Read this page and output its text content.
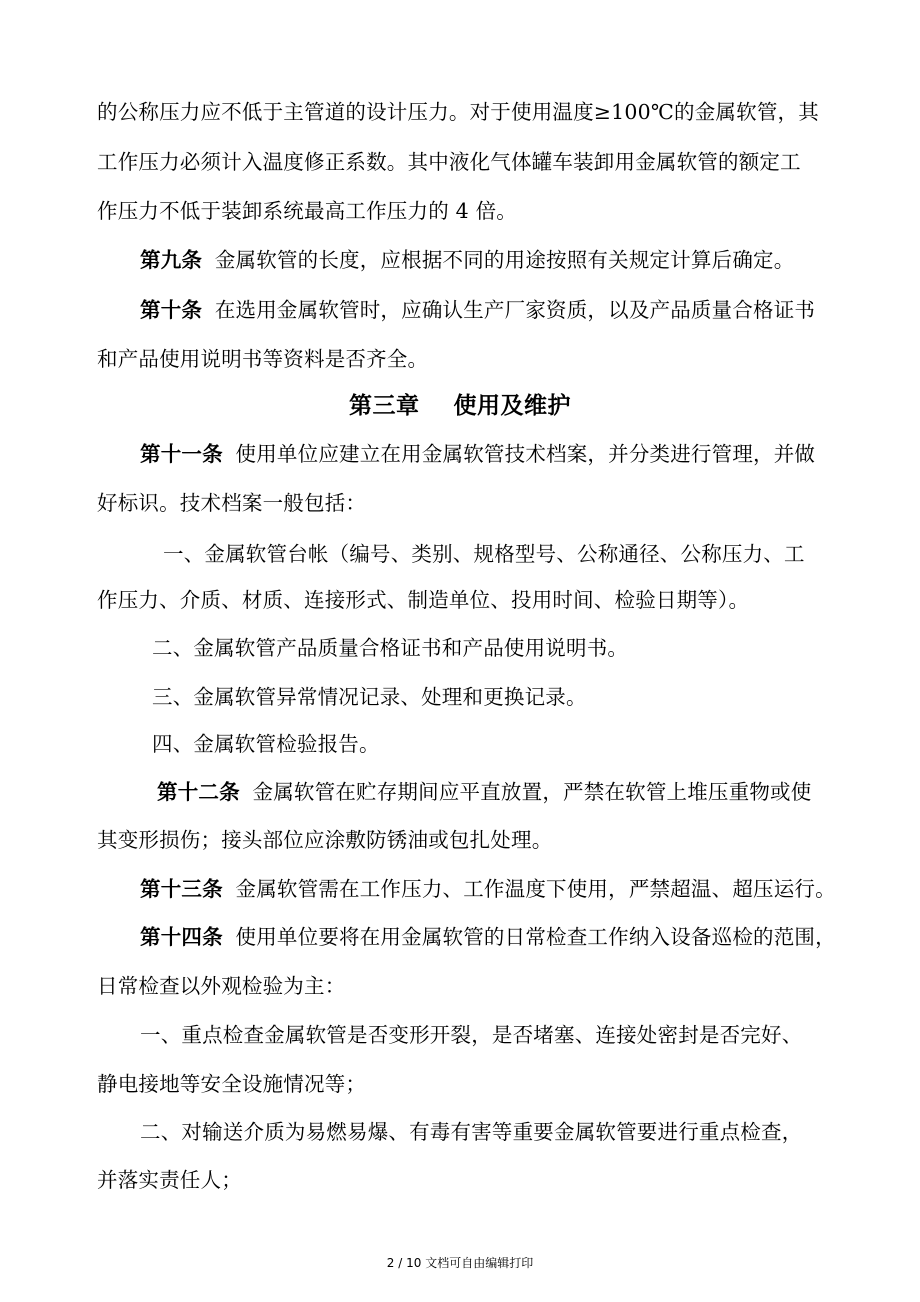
的公称压力应不低于主管道的设计压力。对于使用温度≥100℃的金属软管，其
工作压力必须计入温度修正系数。其中液化气体罐车装卸用金属软管的额定工
作压力不低于装卸系统最高工作压力的 4 倍。
第九条 金属软管的长度，应根据不同的用途按照有关规定计算后确定。
第十条 在选用金属软管时，应确认生产厂家资质，以及产品质量合格证书
和产品使用说明书等资料是否齐全。
第三章    使用及维护
第十一条 使用单位应建立在用金属软管技术档案，并分类进行管理，并做
好标识。技术档案一般包括：
一、金属软管台帐（编号、类别、规格型号、公称通径、公称压力、工
作压力、介质、材质、连接形式、制造单位、投用时间、检验日期等）。
二、金属软管产品质量合格证书和产品使用说明书。
三、金属软管异常情况记录、处理和更换记录。
四、金属软管检验报告。
第十二条 金属软管在贮存期间应平直放置，严禁在软管上堆压重物或使
其变形损伤；接头部位应涂敷防锈油或包扎处理。
第十三条 金属软管需在工作压力、工作温度下使用，严禁超温、超压运行。
第十四条 使用单位要将在用金属软管的日常检查工作纳入设备巡检的范围，
日常检查以外观检验为主：
一、重点检查金属软管是否变形开裂，是否堵塞、连接处密封是否完好、
静电接地等安全设施情况等；
二、对输送介质为易燃易爆、有毒有害等重要金属软管要进行重点检查，
并落实责任人；
2 / 10 文档可自由编辑打印
